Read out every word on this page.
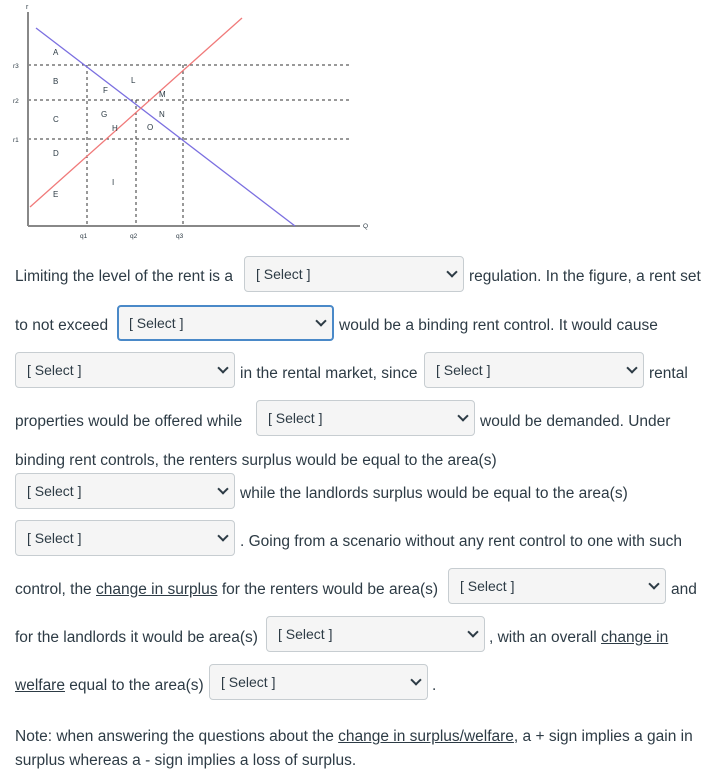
r
r3
r2
r1
q1	q2	q3
Q
A
B
C
D
E
F
G
H
I
L
M
N
O
Limiting the level of the rent is a [ Select ]	regulation. In the figure, a rent set
to not exceed [ Select ]	would be a binding rent control. It would cause
[ Select ]	in the rental market, since [ Select ]	rental
properties would be offered while [ Select ]	would be demanded. Under
binding rent controls, the renters surplus would be equal to the area(s)
[ Select ]	while the landlords surplus would be equal to the area(s)
[ Select ]	. Going from a scenario without any rent control to one with such
control, the change in surplus for the renters would be area(s) [ Select ]	and
for the landlords it would be area(s) [ Select ]	, with an overall change in
welfare equal to the area(s) [ Select ]	.
Note: when answering the questions about the change in surplus/welfare, a + sign implies a gain in surplus whereas a - sign implies a loss of surplus.
